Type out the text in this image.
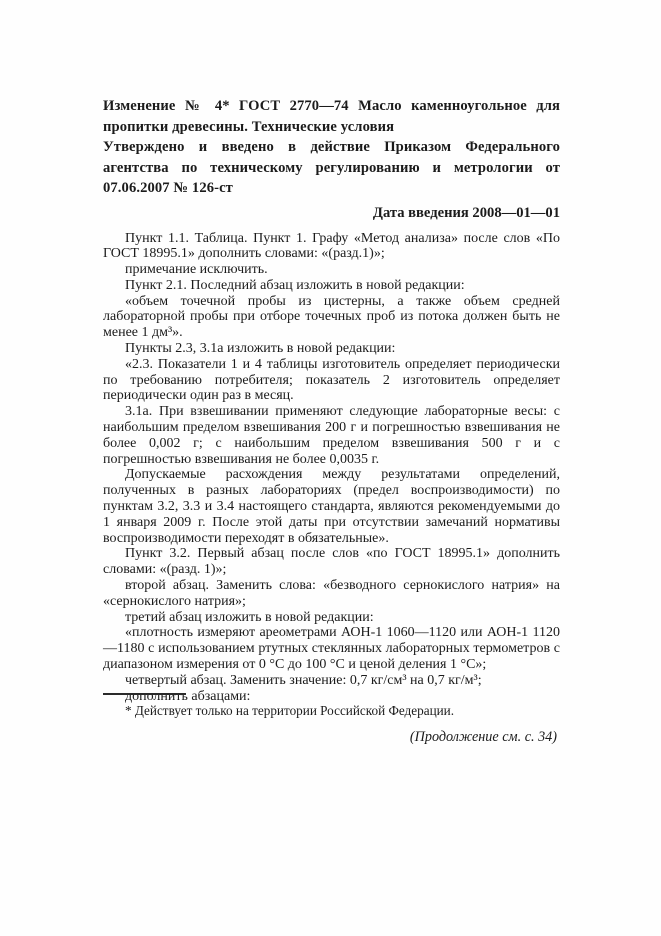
Изменение № 4* ГОСТ 2770—74 Масло каменноугольное для пропитки древесины. Технические условия

Утверждено и введено в действие Приказом Федерального агентства по техническому регулированию и метрологии от 07.06.2007 № 126-ст

Дата введения 2008—01—01

Пункт 1.1. Таблица. Пункт 1. Графу «Метод анализа» после слов «По ГОСТ 18995.1» дополнить словами: «(разд.1)»;

примечание исключить.

Пункт 2.1. Последний абзац изложить в новой редакции:

«объем точечной пробы из цистерны, а также объем средней лабораторной пробы при отборе точечных проб из потока должен быть не менее 1 дм³».

Пункты 2.3, 3.1а изложить в новой редакции:

«2.3. Показатели 1 и 4 таблицы изготовитель определяет периодически по требованию потребителя; показатель 2 изготовитель определяет периодически один раз в месяц.

3.1а. При взвешивании применяют следующие лабораторные весы: с наибольшим пределом взвешивания 200 г и погрешностью взвешивания не более 0,002 г; с наибольшим пределом взвешивания 500 г и с погрешностью взвешивания не более 0,0035 г.

Допускаемые расхождения между результатами определений, полученных в разных лабораториях (предел воспроизводимости) по пунктам 3.2, 3.3 и 3.4 настоящего стандарта, являются рекомендуемыми до 1 января 2009 г. После этой даты при отсутствии замечаний нормативы воспроизводимости переходят в обязательные».

Пункт 3.2. Первый абзац после слов «по ГОСТ 18995.1» дополнить словами: «(разд. 1)»;

второй абзац. Заменить слова: «безводного сернокислого натрия» на «сернокислого натрия»;

третий абзац изложить в новой редакции:

«плотность измеряют ареометрами АОН-1 1060—1120 или АОН-1 1120—1180 с использованием ртутных стеклянных лабораторных термометров с диапазоном измерения от 0 °С до 100 °С и ценой деления 1 °С»;

четвертый абзац. Заменить значение: 0,7 кг/см³ на 0,7 кг/м³;

дополнить абзацами:

* Действует только на территории Российской Федерации.

(Продолжение см. с. 34)
